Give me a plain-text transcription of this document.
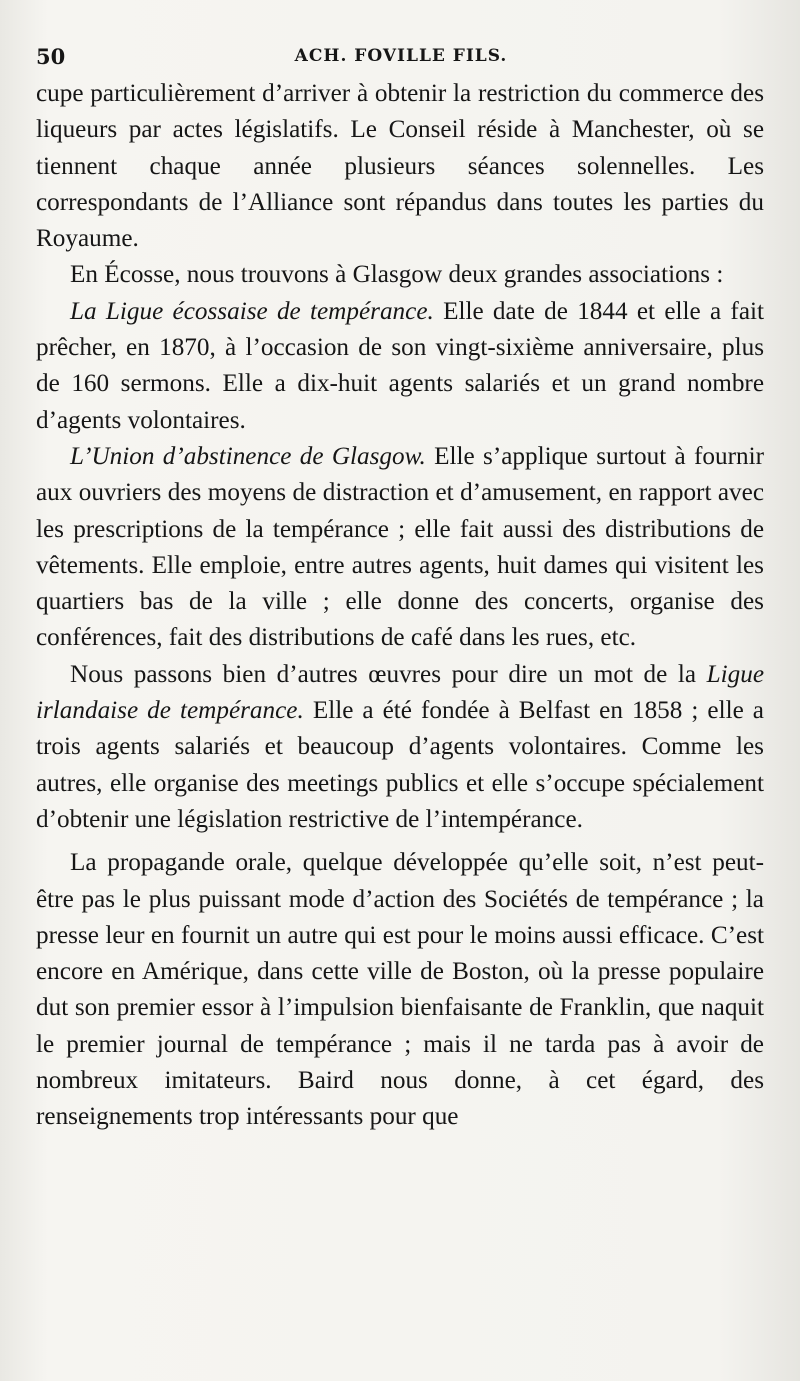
50	ACH. FOVILLE FILS.

cupe particulièrement d’arriver à obtenir la restriction du commerce des liqueurs par actes législatifs. Le Conseil réside à Manchester, où se tiennent chaque année plusieurs séances solennelles. Les correspondants de l’Alliance sont répandus dans toutes les parties du Royaume.

En Écosse, nous trouvons à Glasgow deux grandes associations :

La Ligue écossaise de tempérance. Elle date de 1844 et elle a fait prêcher, en 1870, à l’occasion de son vingt-sixième anniversaire, plus de 160 sermons. Elle a dix-huit agents salariés et un grand nombre d’agents volontaires.

L’Union d’abstinence de Glasgow. Elle s’applique surtout à fournir aux ouvriers des moyens de distraction et d’amusement, en rapport avec les prescriptions de la tempérance ; elle fait aussi des distributions de vêtements. Elle emploie, entre autres agents, huit dames qui visitent les quartiers bas de la ville ; elle donne des concerts, organise des conférences, fait des distributions de café dans les rues, etc.

Nous passons bien d’autres œuvres pour dire un mot de la Ligue irlandaise de tempérance. Elle a été fondée à Belfast en 1858 ; elle a trois agents salariés et beaucoup d’agents volontaires. Comme les autres, elle organise des meetings publics et elle s’occupe spécialement d’obtenir une législation restrictive de l’intempérance.

La propagande orale, quelque développée qu’elle soit, n’est peut-être pas le plus puissant mode d’action des Sociétés de tempérance ; la presse leur en fournit un autre qui est pour le moins aussi efficace. C’est encore en Amérique, dans cette ville de Boston, où la presse populaire dut son premier essor à l’impulsion bienfaisante de Franklin, que naquit le premier journal de tempérance ; mais il ne tarda pas à avoir de nombreux imitateurs. Baird nous donne, à cet égard, des renseignements trop intéressants pour que
